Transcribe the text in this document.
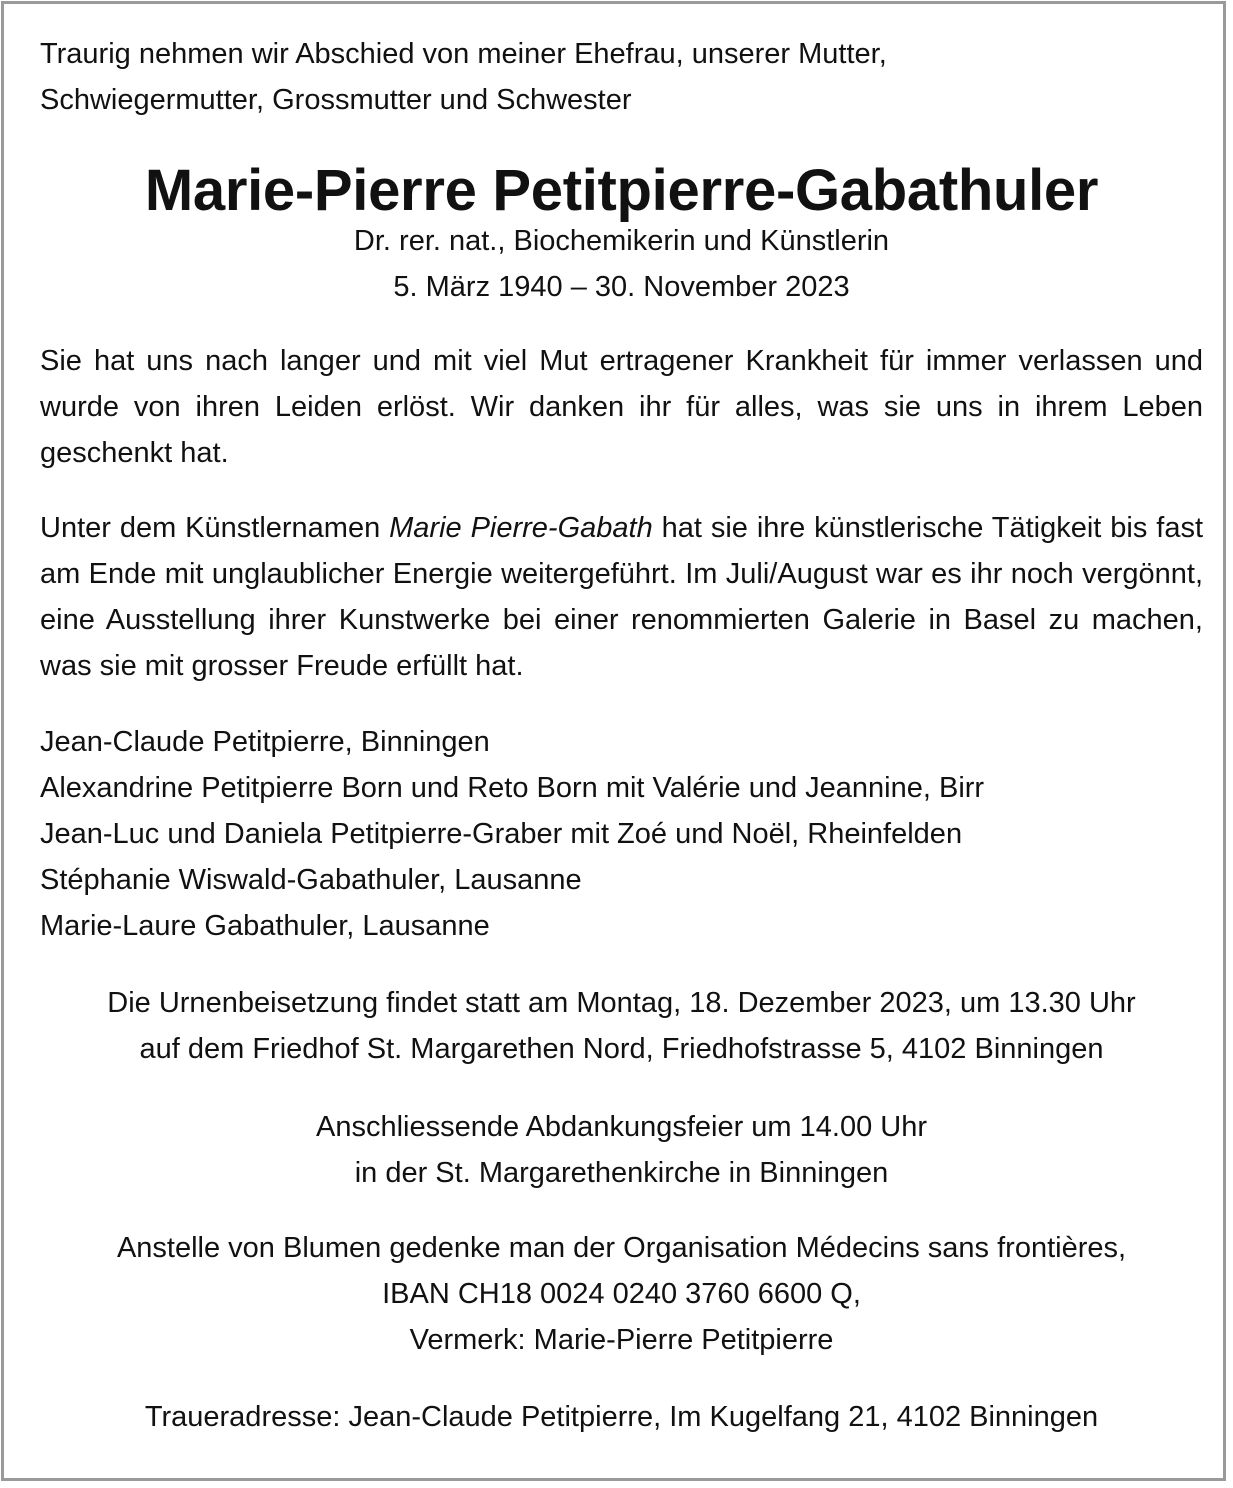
Traurig nehmen wir Abschied von meiner Ehefrau, unserer Mutter,
Schwiegermutter, Grossmutter und Schwester

Marie-Pierre Petitpierre-Gabathuler

Dr. rer. nat., Biochemikerin und Künstlerin

5. März 1940 – 30. November 2023

Sie hat uns nach langer und mit viel Mut ertragener Krankheit für immer verlassen und wurde von ihren Leiden erlöst. Wir danken ihr für alles, was sie uns in ihrem Leben geschenkt hat.

Unter dem Künstlernamen Marie Pierre-Gabath hat sie ihre künstlerische Tätigkeit bis fast am Ende mit unglaublicher Energie weitergeführt. Im Juli/August war es ihr noch vergönnt, eine Ausstellung ihrer Kunstwerke bei einer renommierten Galerie in Basel zu machen, was sie mit grosser Freude erfüllt hat.

Jean-Claude Petitpierre, Binningen
Alexandrine Petitpierre Born und Reto Born mit Valérie und Jeannine, Birr
Jean-Luc und Daniela Petitpierre-Graber mit Zoé und Noël, Rheinfelden
Stéphanie Wiswald-Gabathuler, Lausanne
Marie-Laure Gabathuler, Lausanne

Die Urnenbeisetzung findet statt am Montag, 18. Dezember 2023, um 13.30 Uhr
auf dem Friedhof St. Margarethen Nord, Friedhofstrasse 5, 4102 Binningen

Anschliessende Abdankungsfeier um 14.00 Uhr
in der St. Margarethenkirche in Binningen

Anstelle von Blumen gedenke man der Organisation Médecins sans frontières,
IBAN CH18 0024 0240 3760 6600 Q,
Vermerk: Marie-Pierre Petitpierre

Traueradresse: Jean-Claude Petitpierre, Im Kugelfang 21, 4102 Binningen
